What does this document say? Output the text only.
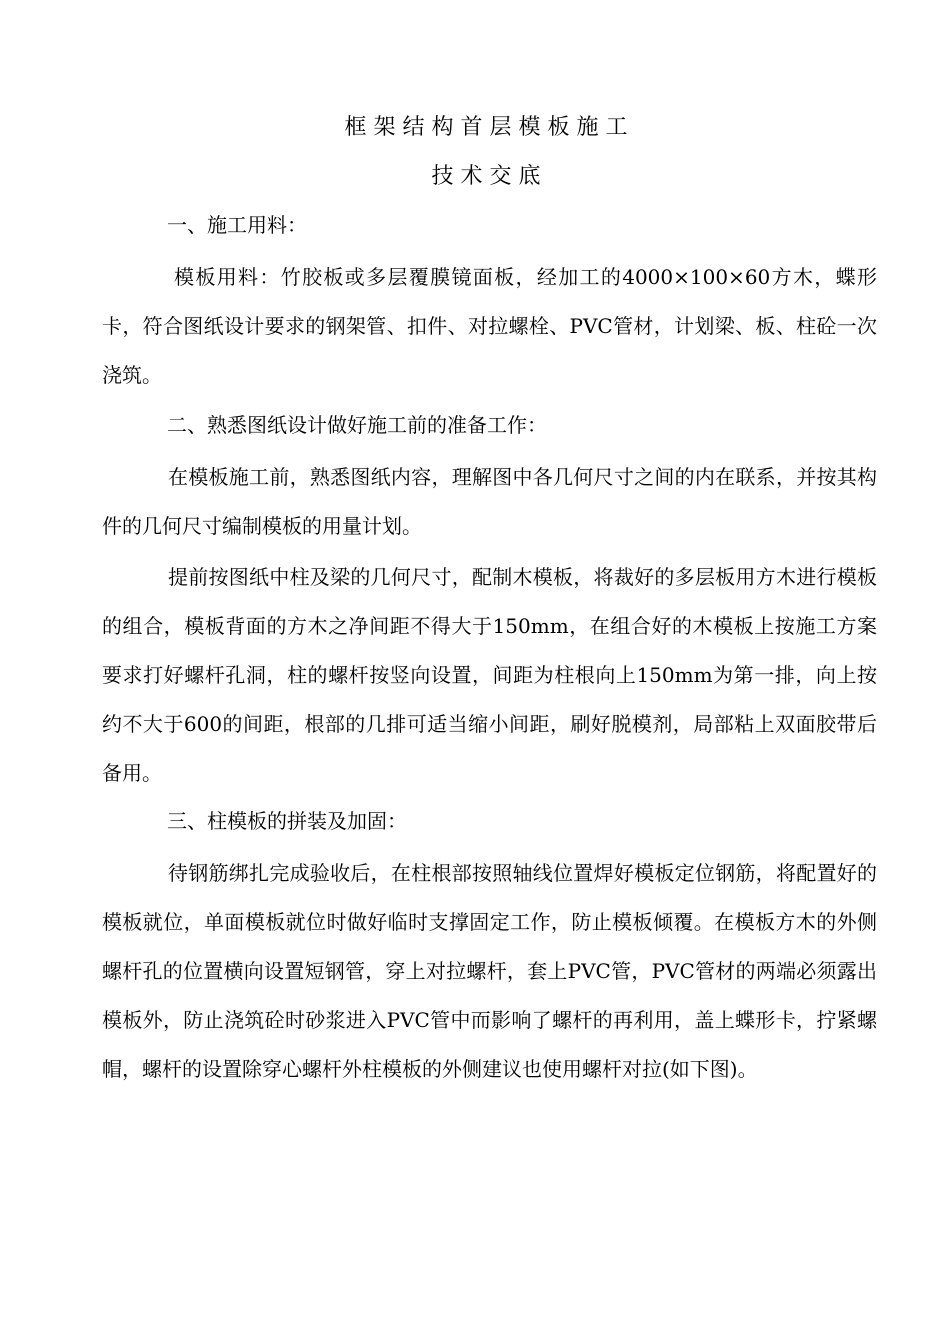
框架结构首层模板施工
技术交底
一、施工用料：

模板用料：竹胶板或多层覆膜镜面板，经加工的4000×100×60方木，蝶形卡，符合图纸设计要求的钢架管、扣件、对拉螺栓、PVC管材，计划梁、板、柱砼一次浇筑。

二、熟悉图纸设计做好施工前的准备工作：

在模板施工前，熟悉图纸内容，理解图中各几何尺寸之间的内在联系，并按其构件的几何尺寸编制模板的用量计划。

提前按图纸中柱及梁的几何尺寸，配制木模板，将裁好的多层板用方木进行模板的组合，模板背面的方木之净间距不得大于150mm，在组合好的木模板上按施工方案要求打好螺杆孔洞，柱的螺杆按竖向设置，间距为柱根向上150mm为第一排，向上按约不大于600的间距，根部的几排可适当缩小间距，刷好脱模剂，局部粘上双面胶带后备用。

三、柱模板的拼装及加固：

待钢筋绑扎完成验收后，在柱根部按照轴线位置焊好模板定位钢筋，将配置好的模板就位，单面模板就位时做好临时支撑固定工作，防止模板倾覆。在模板方木的外侧螺杆孔的位置横向设置短钢管，穿上对拉螺杆，套上PVC管，PVC管材的两端必须露出模板外，防止浇筑砼时砂浆进入PVC管中而影响了螺杆的再利用，盖上蝶形卡，拧紧螺帽，螺杆的设置除穿心螺杆外柱模板的外侧建议也使用螺杆对拉(如下图)。
